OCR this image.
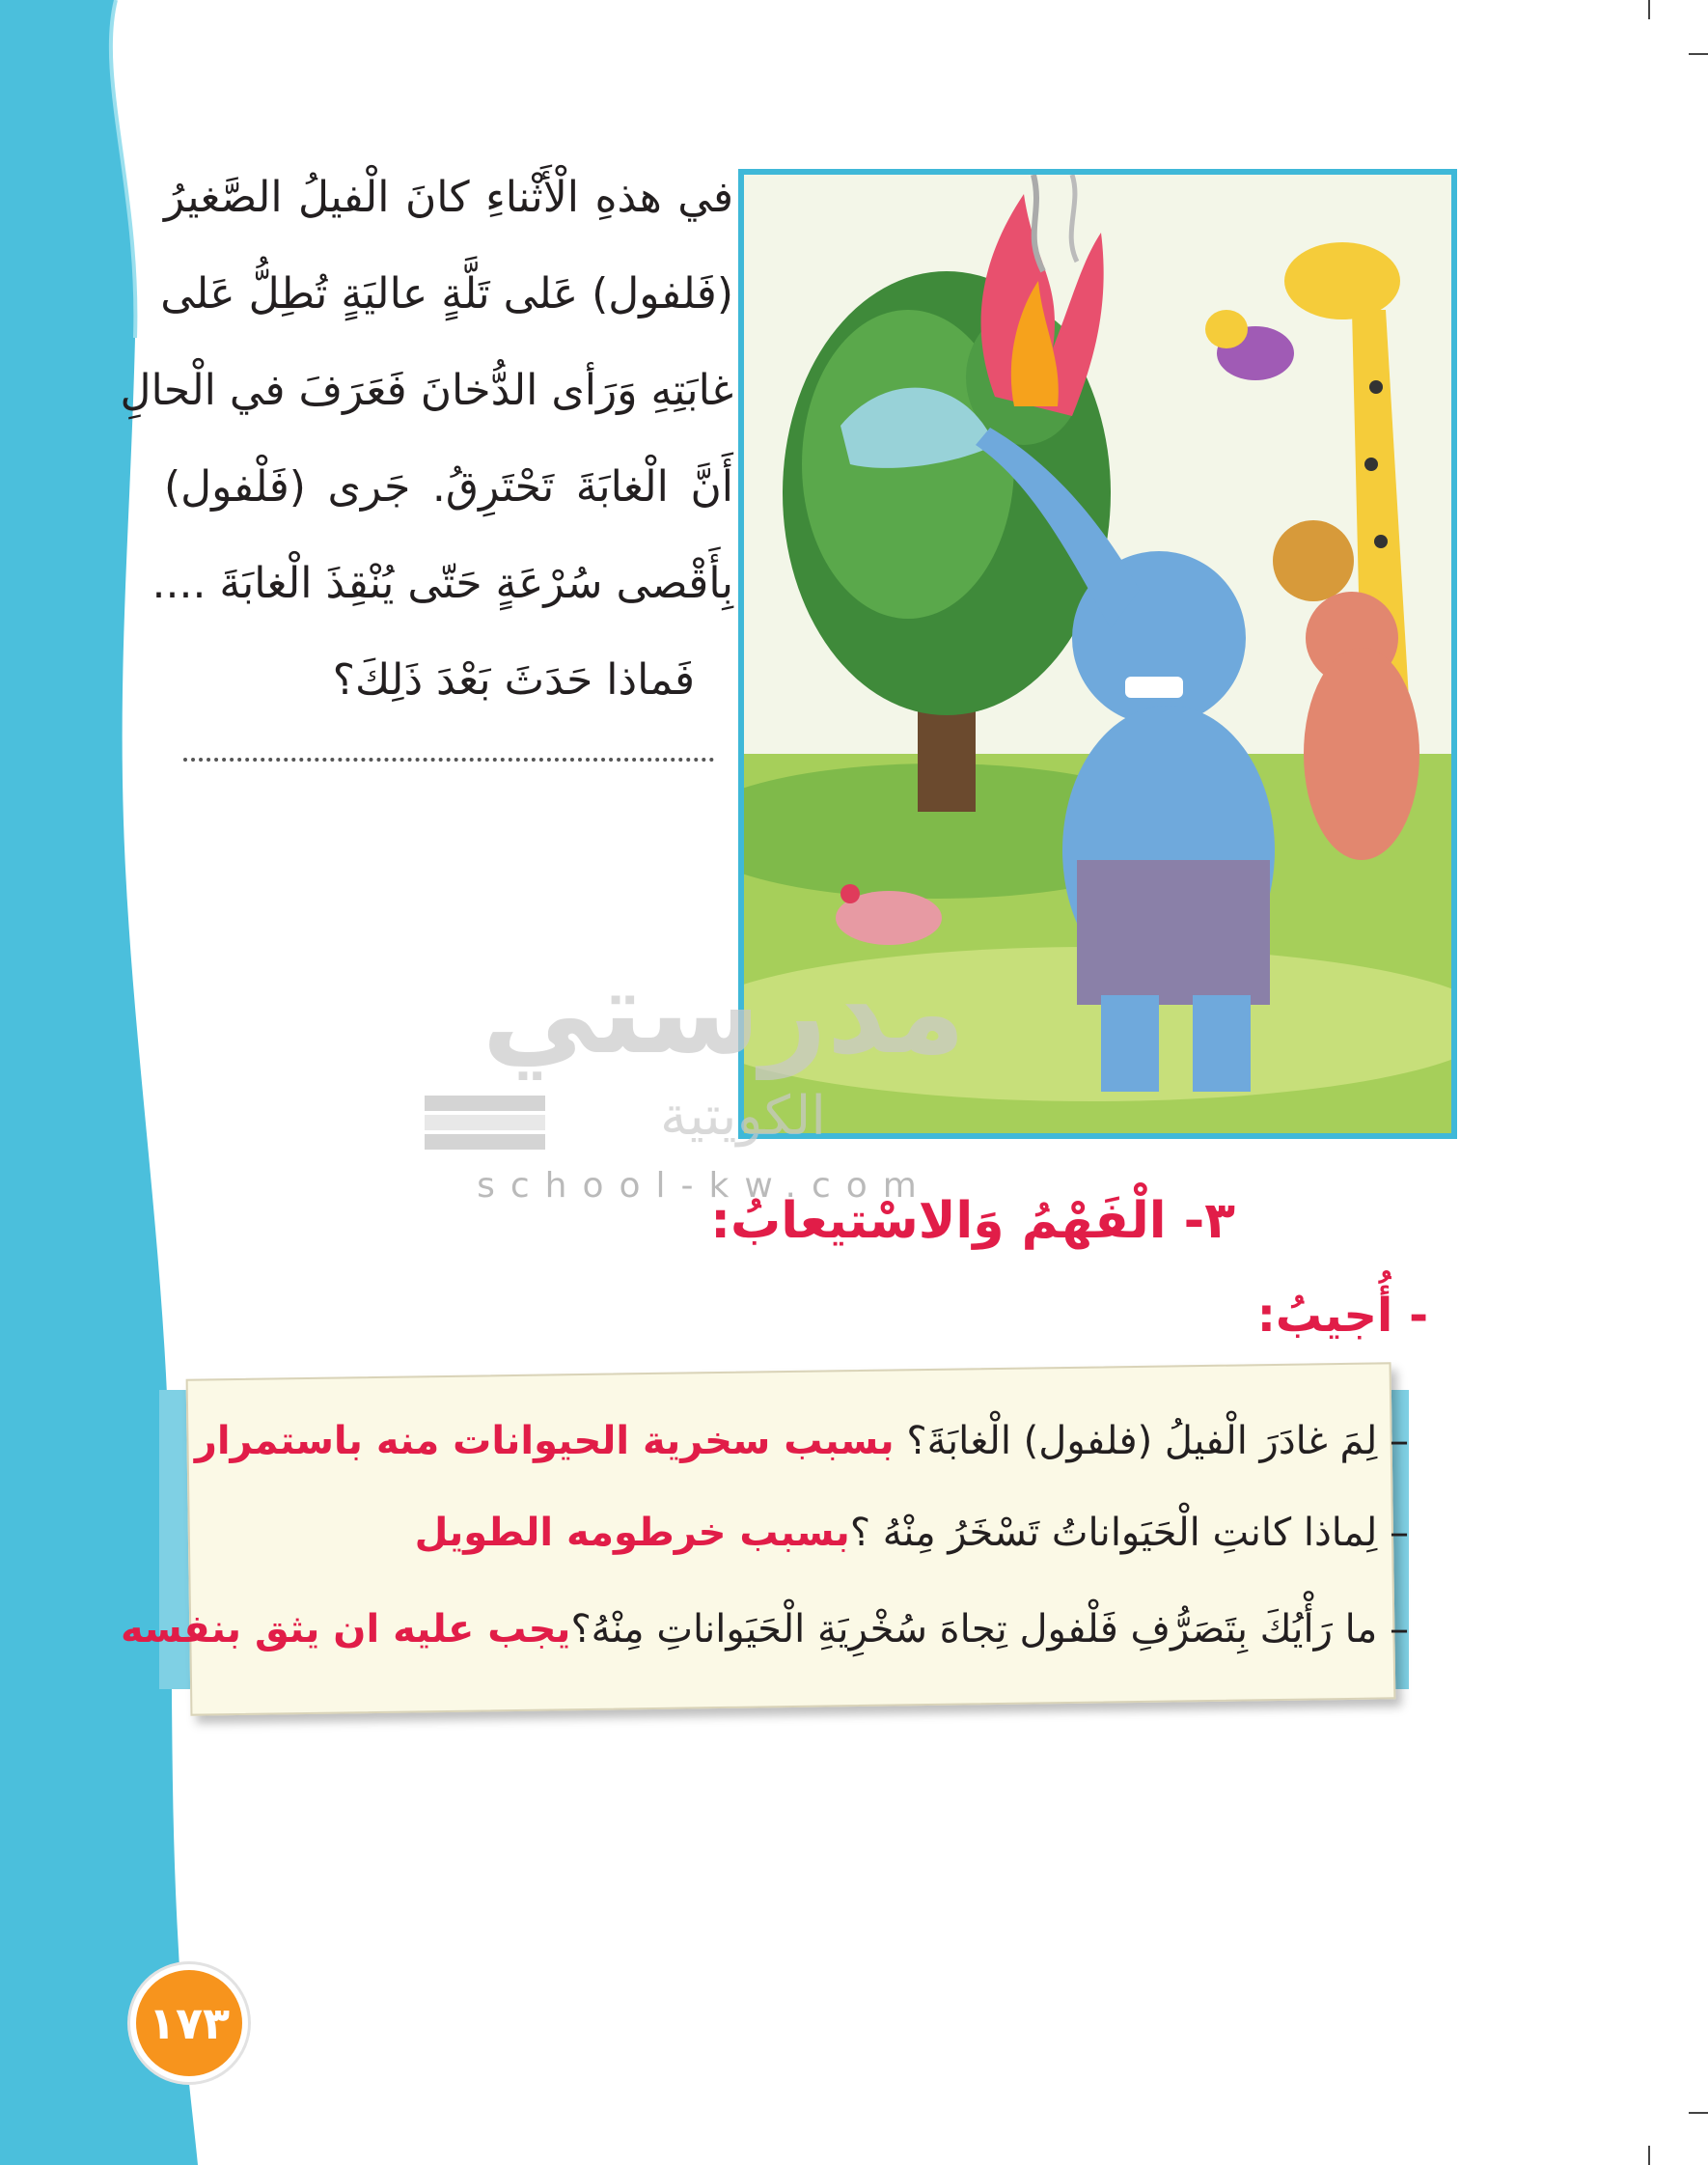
في هذهِ الْأَثْناءِ كانَ الْفيلُ الصَّغيرُ
(فَلفول) عَلى تَلَّةٍ عاليَةٍ تُطِلُّ عَلى
غابَتِهِ وَرَأى الدُّخانَ فَعَرَفَ في الْحالِ
أَنَّ الْغابَةَ تَحْتَرِقُ. جَرى (فَلْفول)
بِأَقْصى سُرْعَةٍ حَتّى يُنْقِذَ الْغابَةَ ....
فَماذا حَدَثَ بَعْدَ ذَلِكَ؟
مدرستي
الكويتية
school-kw.com
٣- الْفَهْمُ وَالاسْتيعابُ:
- أُجيبُ:
– لِمَ غادَرَ الْفيلُ (فلفول) الْغابَةَ؟ بسبب سخرية الحيوانات منه باستمرار
– لِماذا كانتِ الْحَيَواناتُ تَسْخَرُ مِنْهُ ؟بسبب خرطومه الطويل
– ما رَأْيُكَ بِتَصَرُّفِ فَلْفول تِجاهَ سُخْرِيَةِ الْحَيَواناتِ مِنْهُ؟يجب عليه ان يثق بنفسه
١٧٣
